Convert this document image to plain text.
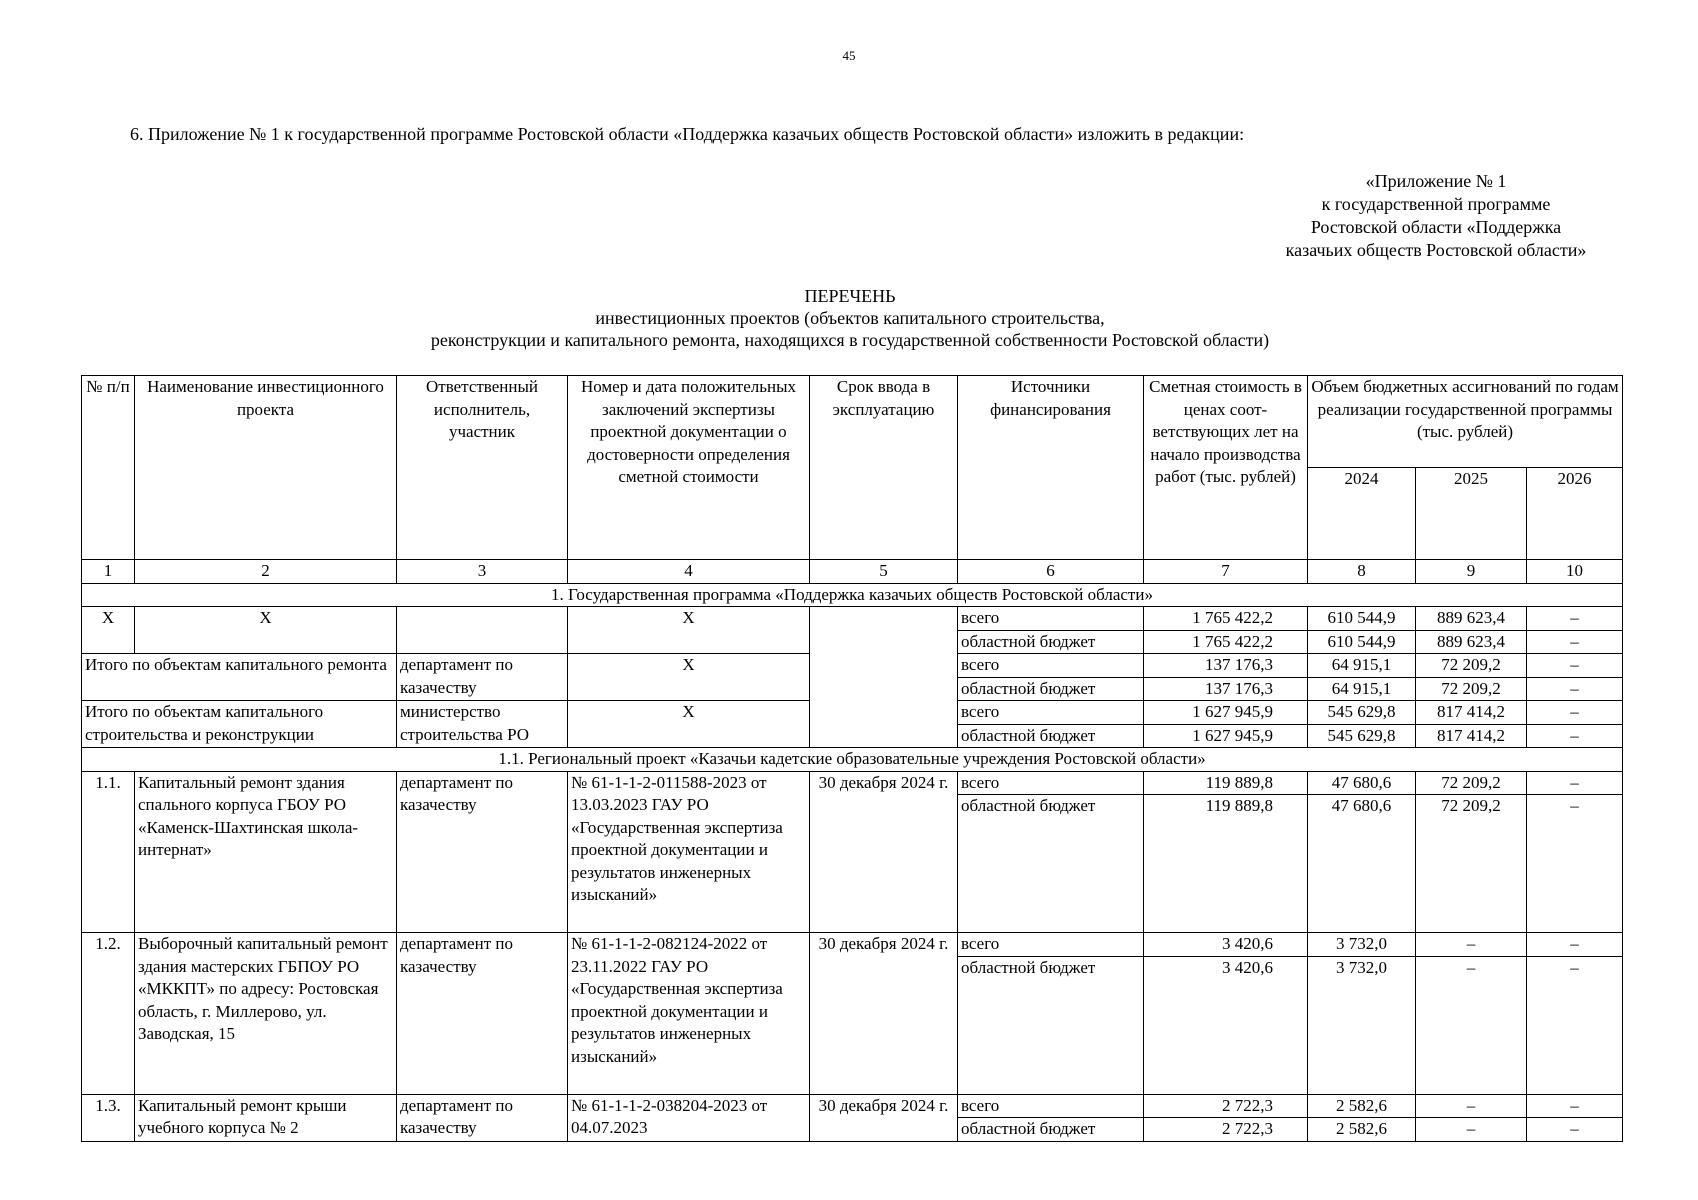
45
6. Приложение № 1 к государственной программе Ростовской области «Поддержка казачьих обществ Ростовской области» изложить в редакции:
«Приложение № 1
к государственной программе
Ростовской области «Поддержка
казачьих обществ Ростовской области»
ПЕРЕЧЕНЬ
инвестиционных проектов (объектов капитального строительства,
реконструкции и капитального ремонта, находящихся в государственной собственности Ростовской области)
№ п/п	Наименование инвестиционного проекта	Ответственный исполнитель, участник	Номер и дата положительных заключений экспертизы проектной документации о достоверности определения сметной стоимости	Срок ввода в эксплуатацию	Источники финансирования	Сметная стоимость в ценах соот-ветствующих лет на начало производства работ (тыс. рублей)	Объем бюджетных ассигнований по годам реализации государственной программы (тыс. рублей)		
							2024	2025	2026
1	2	3	4	5	6	7	8	9	10
1. Государственная программа «Поддержка казачьих обществ Ростовской области»									
Х	Х		Х		всего	1 765 422,2	610 544,9	889 623,4	–
					областной бюджет	1 765 422,2	610 544,9	889 623,4	–
Итого по объектам капитального ремонта		департамент по казачеству	Х		всего	137 176,3	64 915,1	72 209,2	–
					областной бюджет	137 176,3	64 915,1	72 209,2	–
Итого по объектам капитального строительства и реконструкции		министерство строительства РО	Х		всего	1 627 945,9	545 629,8	817 414,2	–
					областной бюджет	1 627 945,9	545 629,8	817 414,2	–
1.1. Региональный проект «Казачьи кадетские образовательные учреждения Ростовской области»									
1.1.	Капитальный ремонт здания спального корпуса ГБОУ РО «Каменск-Шахтинская школа-интернат»	департамент по казачеству	№ 61-1-1-2-011588-2023 от 13.03.2023 ГАУ РО «Государственная экспертиза проектной документации и результатов инженерных изысканий»	30 декабря 2024 г.	всего	119 889,8	47 680,6	72 209,2	–
					областной бюджет	119 889,8	47 680,6	72 209,2	–
1.2.	Выборочный капитальный ремонт здания мастерских ГБПОУ РО «МККПТ» по адресу: Ростовская область, г. Миллерово, ул. Заводская, 15	департамент по казачеству	№ 61-1-1-2-082124-2022 от 23.11.2022 ГАУ РО «Государственная экспертиза проектной документации и результатов инженерных изысканий»	30 декабря 2024 г.	всего	3 420,6	3 732,0	–	–
					областной бюджет	3 420,6	3 732,0	–	–
1.3.	Капитальный ремонт крыши учебного корпуса № 2	департамент по казачеству	№ 61-1-1-2-038204-2023 от 04.07.2023	30 декабря 2024 г.	всего	2 722,3	2 582,6	–	–
					областной бюджет	2 722,3	2 582,6	–	–
